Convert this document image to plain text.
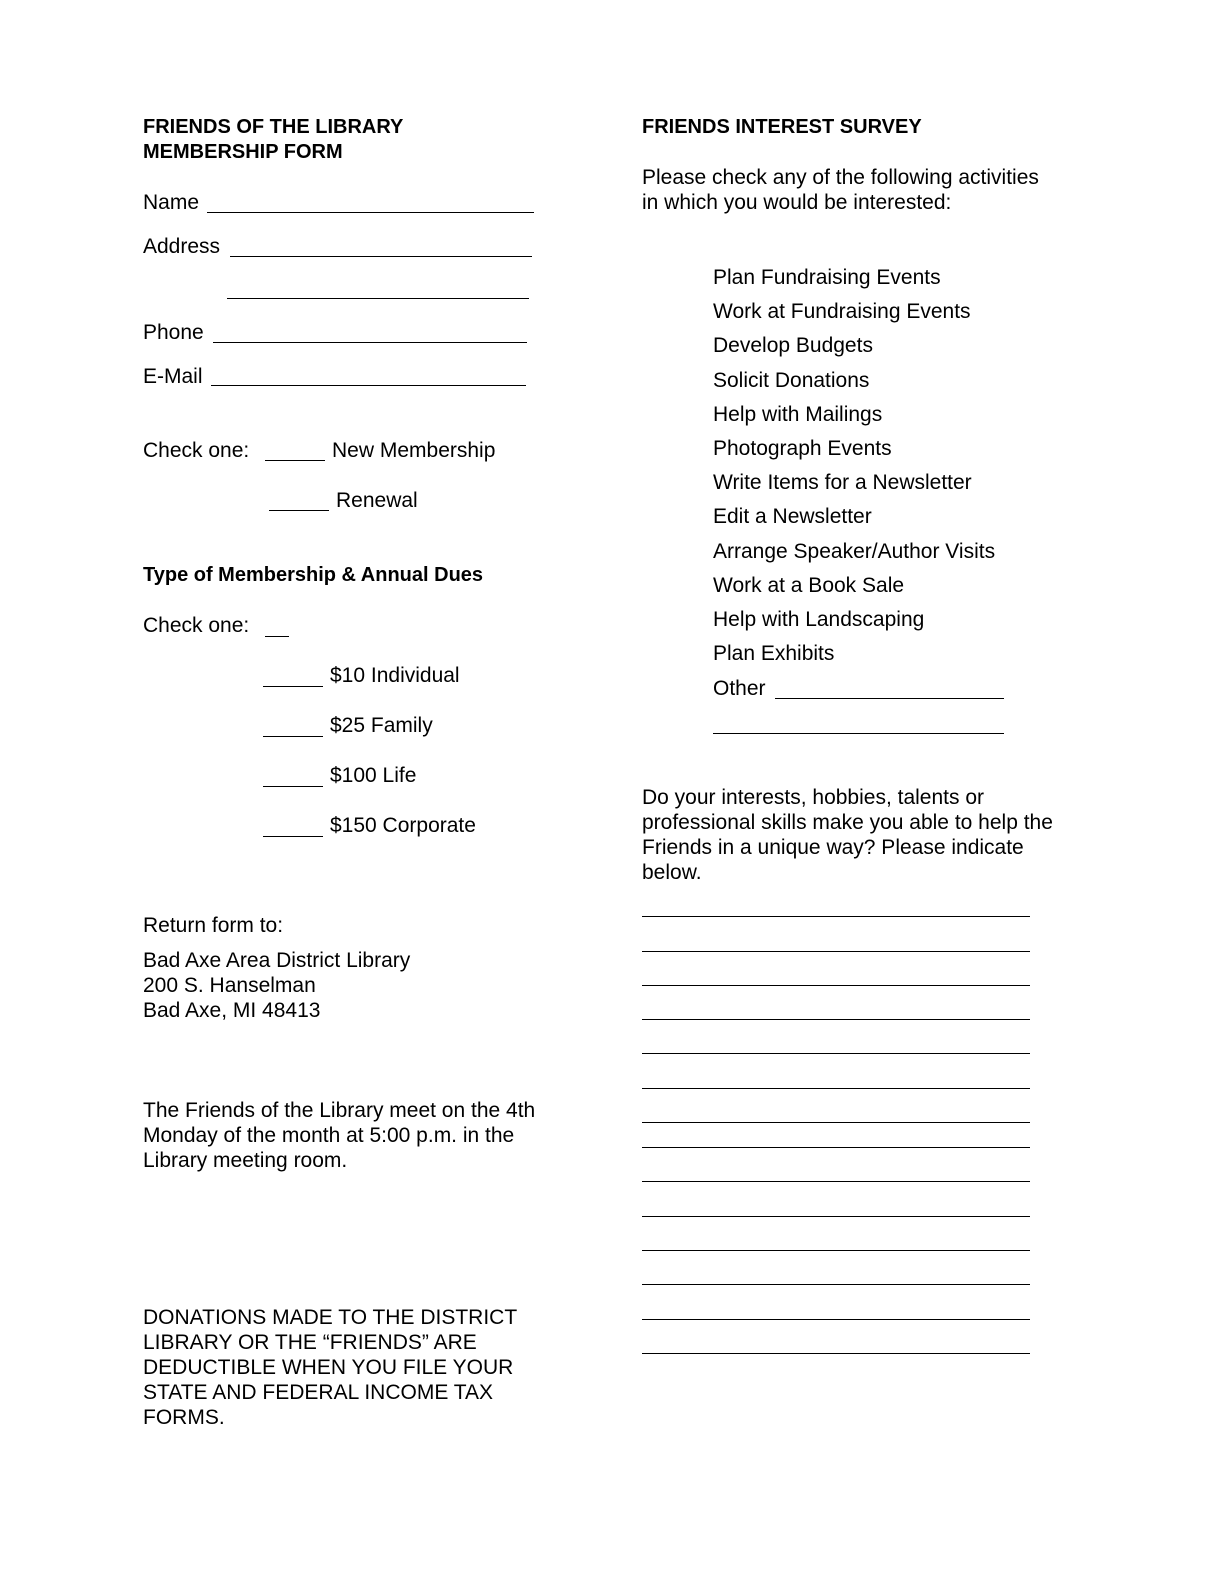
FRIENDS OF THE LIBRARY
MEMBERSHIP FORM
Name
Address
Phone
E-Mail
Check one:	New Membership
Renewal
Type of Membership & Annual Dues
Check one:
$10 Individual
$25 Family
$100 Life
$150 Corporate
Return form to:
Bad Axe Area District Library
200 S. Hanselman
Bad Axe, MI 48413
The Friends of the Library meet on the 4th
Monday of the month at 5:00 p.m. in the
Library meeting room.
DONATIONS MADE TO THE DISTRICT
LIBRARY OR THE “FRIENDS” ARE
DEDUCTIBLE WHEN YOU FILE YOUR
STATE AND FEDERAL INCOME TAX
FORMS.
FRIENDS INTEREST SURVEY
Please check any of the following activities
in which you would be interested:
Plan Fundraising Events
Work at Fundraising Events
Develop Budgets
Solicit Donations
Help with Mailings
Photograph Events
Write Items for a Newsletter
Edit a Newsletter
Arrange Speaker/Author Visits
Work at a Book Sale
Help with Landscaping
Plan Exhibits
Other
Do your interests, hobbies, talents or
professional skills make you able to help the
Friends in a unique way? Please indicate
below.
